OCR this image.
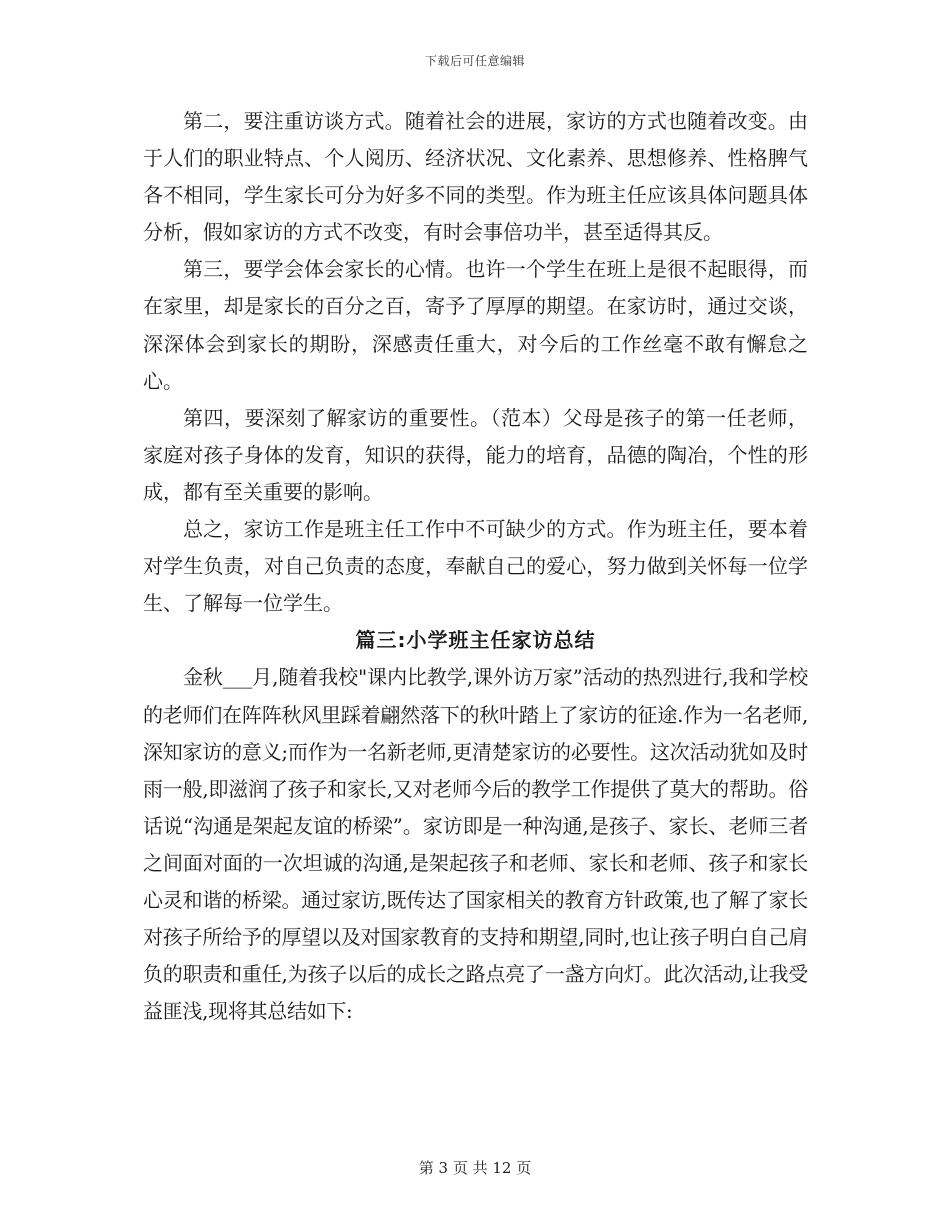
下载后可任意编辑

第二，要注重访谈方式。随着社会的进展，家访的方式也随着改变。由于人们的职业特点、个人阅历、经济状况、文化素养、思想修养、性格脾气各不相同，学生家长可分为好多不同的类型。作为班主任应该具体问题具体分析，假如家访的方式不改变，有时会事倍功半，甚至适得其反。

第三，要学会体会家长的心情。也许一个学生在班上是很不起眼得，而在家里，却是家长的百分之百，寄予了厚厚的期望。在家访时，通过交谈，深深体会到家长的期盼，深感责任重大，对今后的工作丝毫不敢有懈怠之心。

第四，要深刻了解家访的重要性。（范本）父母是孩子的第一任老师，家庭对孩子身体的发育，知识的获得，能力的培育，品德的陶冶，个性的形成，都有至关重要的影响。

总之，家访工作是班主任工作中不可缺少的方式。作为班主任，要本着对学生负责，对自己负责的态度，奉献自己的爱心，努力做到关怀每一位学生、了解每一位学生。

篇三:小学班主任家访总结

金秋___月,随着我校"课内比教学,课外访万家”活动的热烈进行,我和学校的老师们在阵阵秋风里踩着翩然落下的秋叶踏上了家访的征途.作为一名老师,深知家访的意义;而作为一名新老师,更清楚家访的必要性。这次活动犹如及时雨一般,即滋润了孩子和家长,又对老师今后的教学工作提供了莫大的帮助。俗话说“沟通是架起友谊的桥梁”。家访即是一种沟通,是孩子、家长、老师三者之间面对面的一次坦诚的沟通,是架起孩子和老师、家长和老师、孩子和家长心灵和谐的桥梁。通过家访,既传达了国家相关的教育方针政策,也了解了家长对孩子所给予的厚望以及对国家教育的支持和期望,同时,也让孩子明白自己肩负的职责和重任,为孩子以后的成长之路点亮了一盏方向灯。此次活动,让我受益匪浅,现将其总结如下:

第 3 页 共 12 页
